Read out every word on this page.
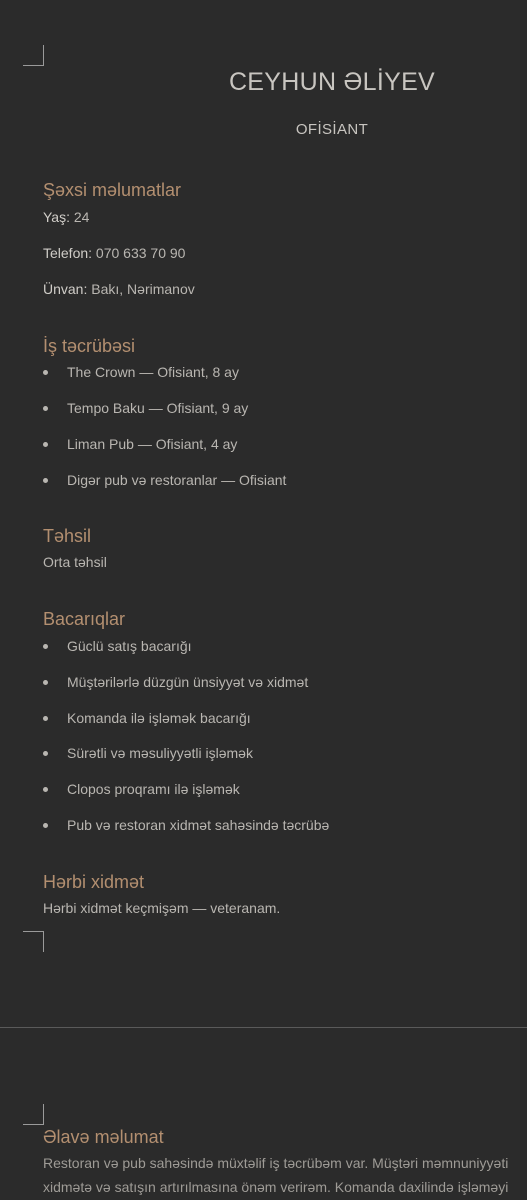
CEYHUN ƏLİYEV
OFİSİANT
Şəxsi məlumatlar
Yaş: 24
Telefon: 070 633 70 90
Ünvan: Bakı, Nərimanov
İş təcrübəsi
The Crown — Ofisiant, 8 ay
Tempo Baku — Ofisiant, 9 ay
Liman Pub — Ofisiant, 4 ay
Digər pub və restoranlar — Ofisiant
Təhsil
Orta təhsil
Bacarıqlar
Güclü satış bacarığı
Müştərilərlə düzgün ünsiyyət və xidmət
Komanda ilə işləmək bacarığı
Sürətli və məsuliyyətli işləmək
Clopos proqramı ilə işləmək
Pub və restoran xidmət sahəsində təcrübə
Hərbi xidmət
Hərbi xidmət keçmişəm — veteranam.
Əlavə məlumat
Restoran və pub sahəsində müxtəlif iş təcrübəm var. Müştəri məmnuniyyəti
xidmətə və satışın artırılmasına önəm verirəm. Komanda daxilində işləməyi
